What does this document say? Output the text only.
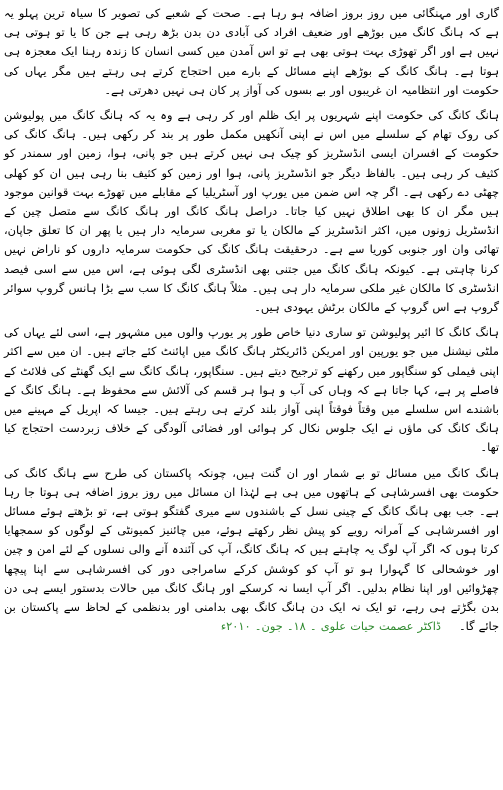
گاری اور مہنگائی میں روز بروز اضافہ ہو رہا ہے۔ صحت کے شعبے کی تصویر کا سیاہ ترین پہلو یہ ہے کہ ہانگ کانگ میں بوڑھے اور ضعیف افراد کی آبادی دن بدن بڑھ رہی ہے جن کا یا تو ہوتی ہی نہیں ہے اور اگر تھوڑی بہت ہوتی بھی ہے تو اس آمدن میں کسی انسان کا زندہ رہنا ایک معجزہ ہی ہوتا ہے۔ ہانگ کانگ کے بوڑھے اپنے مسائل کے بارے میں احتجاج کرتے ہی رہتے ہیں مگر یہاں کی حکومت اور انتظامیہ ان غریبوں اور بے بسوں کی آواز پر کان ہی نہیں دھرتی ہے۔

ہانگ کانگ کی حکومت اپنے شہریوں پر ایک ظلم اور کر رہی ہے وہ یہ کہ ہانگ کانگ میں پولیوشن کی روک تھام کے سلسلے میں اس نے اپنی آنکھیں مکمل طور پر بند کر رکھی ہیں۔ ہانگ کانگ کی حکومت کے افسران ایسی انڈسٹریز کو چیک ہی نہیں کرتے ہیں جو پانی، ہوا، زمین اور سمندر کو کثیف کر رہی ہیں۔ بالفاظ دیگر جو انڈسٹریز پانی، ہوا اور زمین کو کثیف بنا رہی ہیں ان کو کھلی چھٹی دے رکھی ہے۔ اگر چہ اس ضمن میں یورپ اور آسٹریلیا کے مقابلے میں تھوڑے بہت قوانین موجود ہیں مگر ان کا بھی اطلاق نہیں کیا جاتا۔ دراصل ہانگ کانگ اور ہانگ کانگ سے متصل چین کے انڈسٹریل زونوں میں، اکثر انڈسٹریز کے مالکان یا تو مغربی سرمایہ دار ہیں یا پھر ان کا تعلق جاپان، تھائی وان اور جنوبی کوریا سے ہے۔ درحقیقت ہانگ کانگ کی حکومت سرمایہ داروں کو ناراض نہیں کرنا چاہتی ہے۔ کیونکہ ہانگ کانگ میں جتنی بھی انڈسٹری لگی ہوئی ہے، اس میں سے اسی فیصد انڈسٹری کا مالکان غیر ملکی سرمایہ دار ہی ہیں۔ مثلاً ہانگ کانگ کا سب سے بڑا ہانس گروپ سوائر گروپ ہے اس گروپ کے مالکان برٹش یہودی ہیں۔

ہانگ کانگ کا ائیر پولیوشن تو ساری دنیا خاص طور پر یورپ والوں میں مشہور ہے، اسی لئے یہاں کی ملٹی نیشنل میں جو یورپین اور امریکن ڈائریکٹر ہانگ کانگ میں اپائنٹ کئے جاتے ہیں۔ ان میں سے اکثر اپنی فیملی کو سنگاپور میں رکھنے کو ترجیح دیتے ہیں۔ سنگاپور، ہانگ کانگ سے ایک گھنٹے کی فلائٹ کے فاصلے پر ہے، کہا جاتا ہے کہ وہاں کی آب و ہوا ہر قسم کی آلائش سے محفوظ ہے۔ ہانگ کانگ کے باشندے اس سلسلے میں وقتاً فوقتاً اپنی آواز بلند کرتے ہی رہتے ہیں۔ جیسا کہ اپریل کے مہینے میں ہانگ کانگ کی ماؤں نے ایک جلوس نکال کر ہوائی اور فضائی آلودگی کے خلاف زبردست احتجاج کیا تھا۔

ہانگ کانگ میں مسائل تو بے شمار اور ان گنت ہیں، چونکہ پاکستان کی طرح سے ہانگ کانگ کی حکومت بھی افسرشاہی کے ہاتھوں میں ہی ہے لہٰذا ان مسائل میں روز بروز اضافہ ہی ہوتا جا رہا ہے۔ جب بھی ہانگ کانگ کے چینی نسل کے باشندوں سے میری گفتگو ہوتی ہے، تو بڑھتے ہوئے مسائل اور افسرشاہی کے آمرانہ رویے کو پیش نظر رکھتے ہوئے، میں چائنیز کمیونٹی کے لوگوں کو سمجھایا کرتا ہوں کہ اگر آپ لوگ یہ چاہتے ہیں کہ ہانگ کانگ، آپ کی آئندہ آنے والی نسلوں کے لئے امن و چین اور خوشحالی کا گہوارا ہو تو آپ کو کوشش کرکے سامراجی دور کی افسرشاہی سے اپنا پیچھا چھڑوائیں اور اپنا نظام بدلیں۔ اگر آپ ایسا نہ کرسکے اور ہانگ کانگ میں حالات بدستور ایسے ہی دن بدن بگڑتے ہی رہے، تو ایک نہ ایک دن ہانگ کانگ بھی بدامنی اور بدنظمی کے لحاظ سے پاکستان بن جائے گا۔ڈاکٹر عصمت حیات علوی ۔ ۱۸۔ جون۔ ۲۰۱۰ء
